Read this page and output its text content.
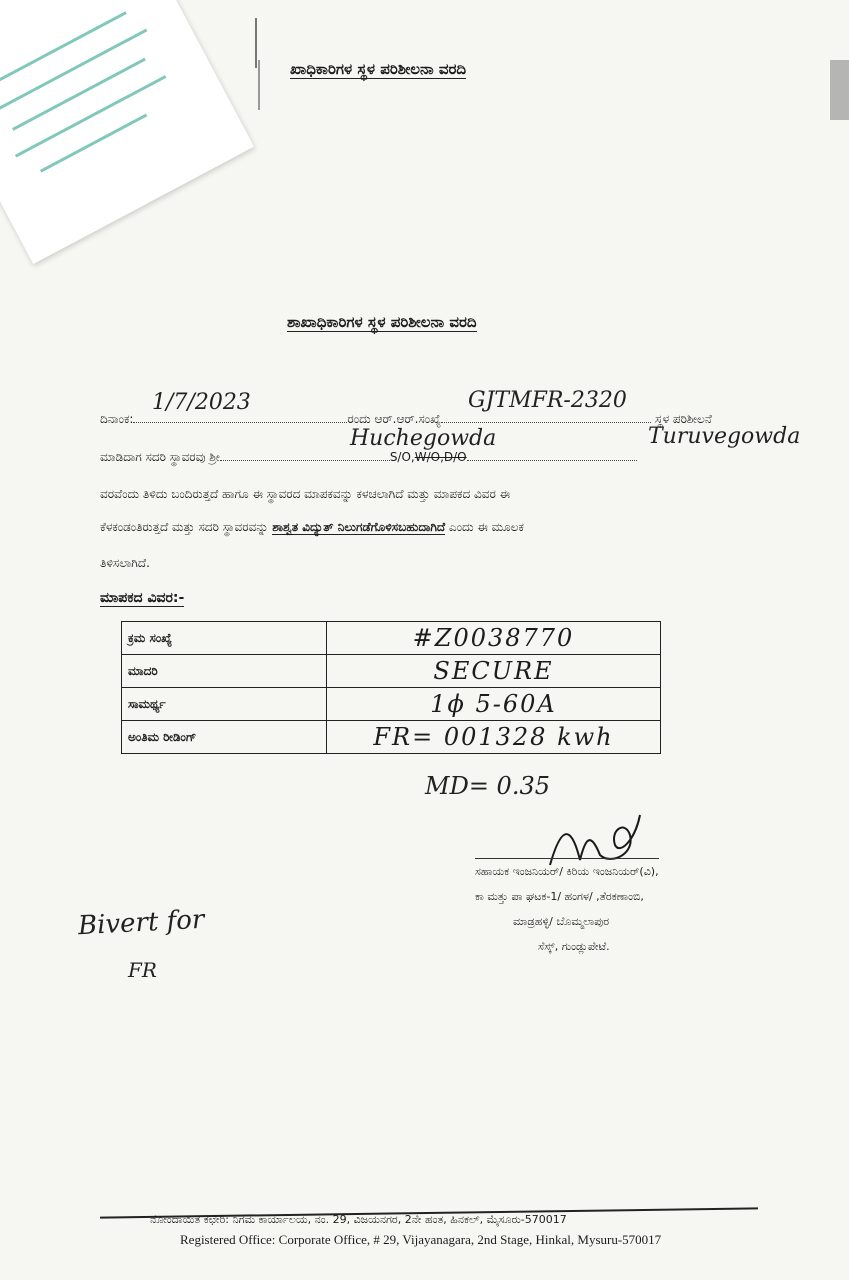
ಖಾಧಿಕಾರಿಗಳ ಸ್ಥಳ ಪರಿಶೀಲನಾ ವರದಿ
ಶಾಖಾಧಿಕಾರಿಗಳ ಸ್ಥಳ ಪರಿಶೀಲನಾ ವರದಿ
ದಿನಾಂಕ:	ರಂದು ಆರ್.ಆರ್.ಸಂಖ್ಯೆ	ಸ್ಥಳ ಪರಿಶೀಲನೆ
1/7/2023	GJTMFR-2320
ಮಾಡಿದಾಗ ಸದರಿ ಸ್ಥಾವರವು ಶ್ರೀ	S/O,W/O,D/O
Huchegowda	Turuvegowda
ವರವೆಂದು ತಿಳಿದು ಬಂದಿರುತ್ತದೆ ಹಾಗೂ ಈ ಸ್ಥಾವರದ ಮಾಪಕವನ್ನು ಕಳಚಲಾಗಿದೆ ಮತ್ತು ಮಾಪಕದ ವಿವರ ಈ
ಕೆಳಕಂಡಂತಿರುತ್ತದೆ ಮತ್ತು ಸದರಿ ಸ್ಥಾವರವನ್ನು ಶಾಶ್ವತ ವಿದ್ಯುತ್ ನಿಲುಗಡೆಗೊಳಿಸಬಹುದಾಗಿದೆ ಎಂದು ಈ ಮೂಲಕ
ತಿಳಿಸಲಾಗಿದೆ.
ಮಾಪಕದ ವಿವರ:-
ಕ್ರಮ ಸಂಖ್ಯೆ	#Z0038770
ಮಾದರಿ	SECURE
ಸಾಮರ್ಥ್ಯ	1ϕ 5-60A
ಅಂತಿಮ ರೀಡಿಂಗ್	FR= 001328 kwh
MD= 0.35
ಸಹಾಯಕ ಇಂಜನಿಯರ್/ ಕಿರಿಯ ಇಂಜನಿಯರ್(ವಿ),
ಕಾ ಮತ್ತು ಪಾ ಘಟಕ-1/ ಹಂಗಳ/ ,ತೆರಕಣಾಂಬಿ,
ಮಾಡ್ರಹಳ್ಳಿ/ ಬೊಮ್ಮಲಾಪುರ
ಸೆಸ್ಕ್, ಗುಂಡ್ಲುಪೇಟೆ.
Bivert for
FR
ನೋಂದಾಯಿತ ಕಛೇರಿ: ನಿಗಮ ಕಾರ್ಯಾಲಯ, ನಂ. 29, ವಿಜಯನಗರ, 2ನೇ ಹಂತ, ಹಿನಕಲ್, ಮೈಸೂರು-570017
Registered Office: Corporate Office, # 29, Vijayanagara, 2nd Stage, Hinkal, Mysuru-570017
